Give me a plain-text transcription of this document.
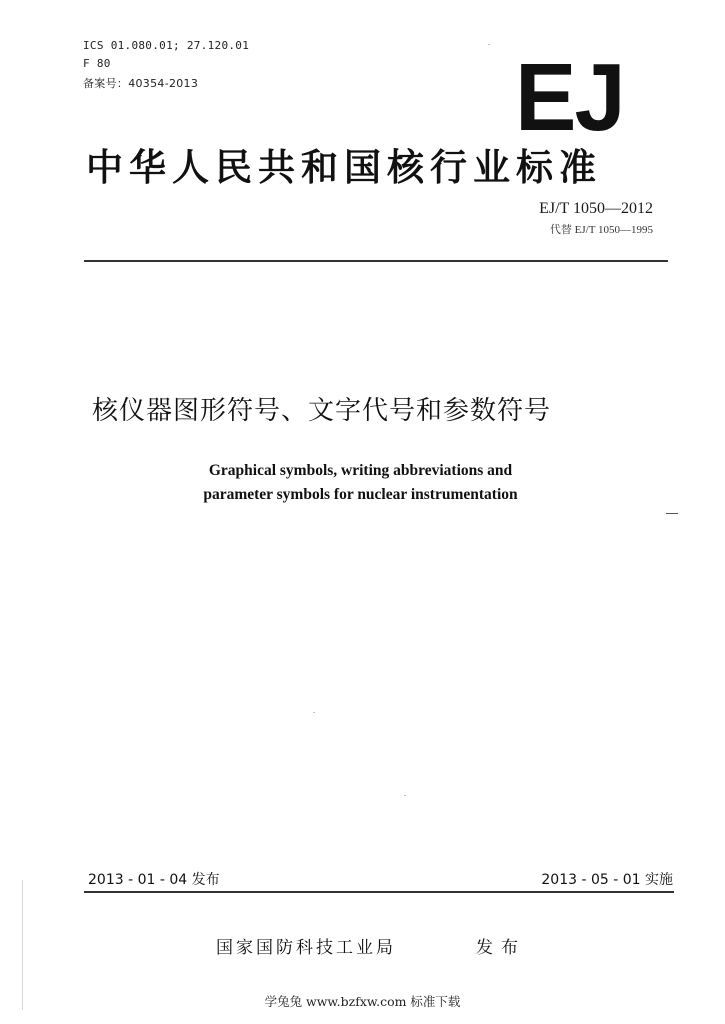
ICS 01.080.01; 27.120.01
F 80
备案号：40354-2013	EJ
中华人民共和国核行业标准
EJ/T 1050—2012
代替 EJ/T 1050—1995
核仪器图形符号、文字代号和参数符号
Graphical symbols, writing abbreviations and
parameter symbols for nuclear instrumentation
2013 - 01 - 04 发布	2013 - 05 - 01 实施
国家国防科技工业局	发布
学兔兔 www.bzfxw.com 标准下载
